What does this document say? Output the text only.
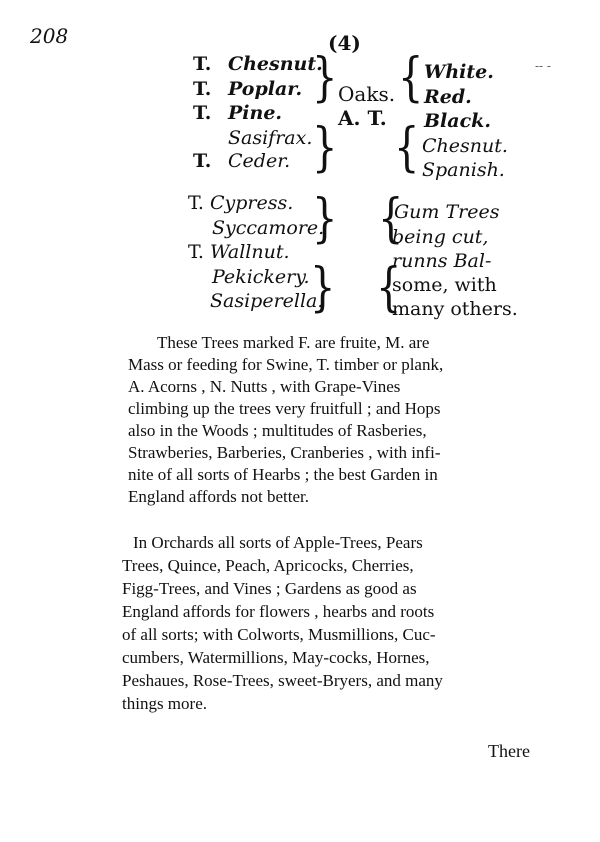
208	(4)
-- -
T. Chesnut.
T. Poplar.
T. Pine.
Sasifrax.
T. Ceder.
}
}
Oaks.
A. T.
{
{
White.
Red.
Black.
Chesnut.
Spanish.
T. Cypress.
Syccamore.
T. Wallnut.
Pekickery.
Sasiperella.
}
}
{
{
Gum Trees
being cut,
runns Bal-
some, with
many others.
These Trees marked F. are fruite, M. are
Mass or feeding for Swine, T. timber or plank,
A. Acorns , N. Nutts , with Grape-Vines
climbing up the trees very fruitfull ; and Hops
also in the Woods ; multitudes of Rasberies,
Strawberies, Barberies, Cranberies , with infi-
nite of all sorts of Hearbs ; the best Garden in
England affords not better.
In Orchards all sorts of Apple-Trees, Pears
Trees, Quince, Peach, Apricocks, Cherries,
Figg-Trees, and Vines ; Gardens as good as
England affords for flowers , hearbs and roots
of all sorts; with Colworts, Musmillions, Cuc-
cumbers, Watermillions, May-cocks, Hornes,
Peshaues, Rose-Trees, sweet-Bryers, and many
things more.
There
